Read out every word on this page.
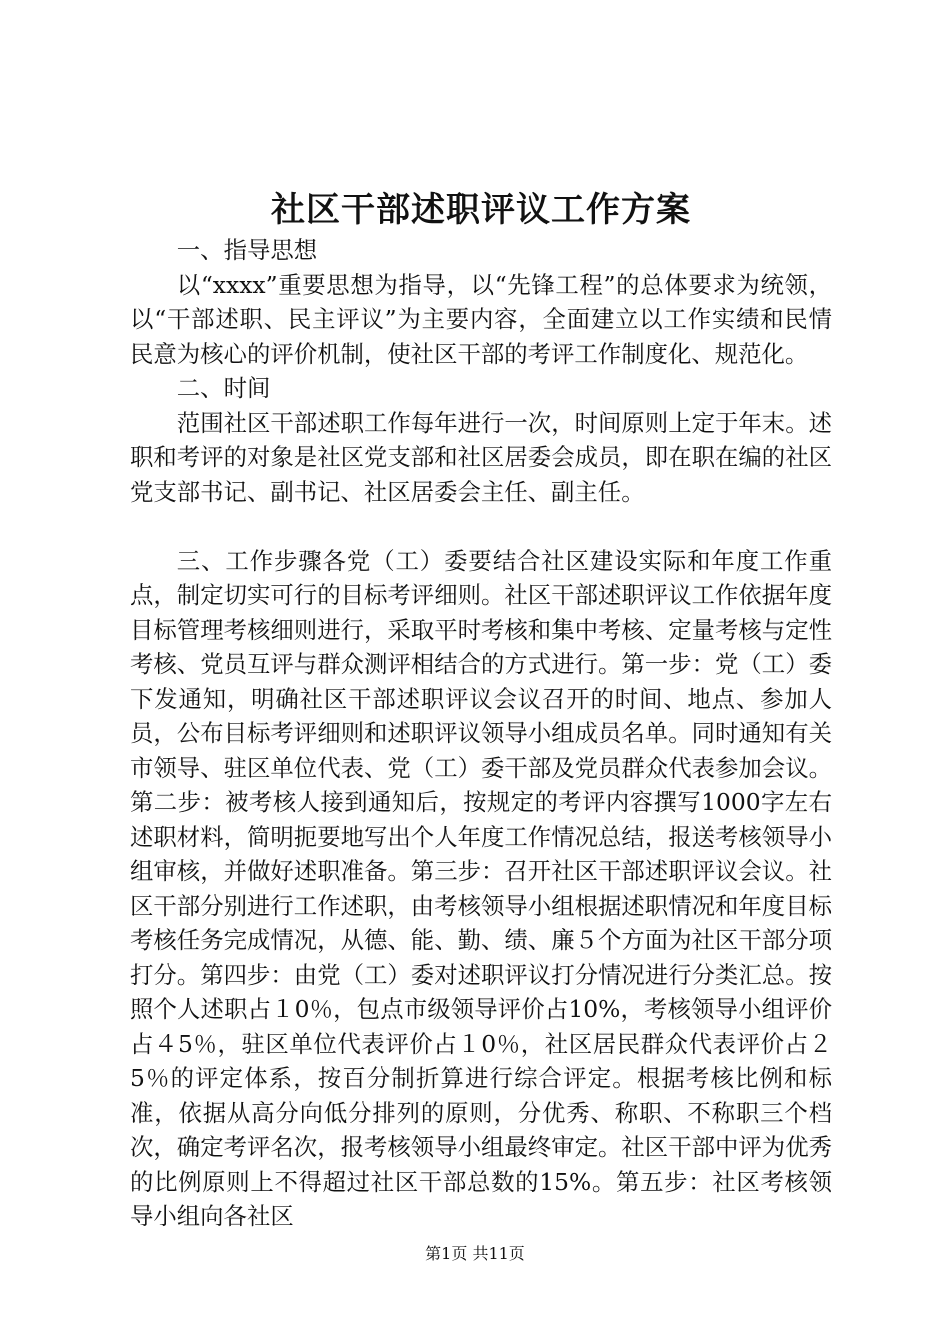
社区干部述职评议工作方案

一、指导思想

以“xxxx”重要思想为指导，以“先锋工程”的总体要求为统领，以“干部述职、民主评议”为主要内容，全面建立以工作实绩和民情民意为核心的评价机制，使社区干部的考评工作制度化、规范化。

二、时间

范围社区干部述职工作每年进行一次，时间原则上定于年末。述职和考评的对象是社区党支部和社区居委会成员，即在职在编的社区党支部书记、副书记、社区居委会主任、副主任。

三、工作步骤各党（工）委要结合社区建设实际和年度工作重点，制定切实可行的目标考评细则。社区干部述职评议工作依据年度目标管理考核细则进行，采取平时考核和集中考核、定量考核与定性考核、党员互评与群众测评相结合的方式进行。第一步：党（工）委下发通知，明确社区干部述职评议会议召开的时间、地点、参加人员，公布目标考评细则和述职评议领导小组成员名单。同时通知有关市领导、驻区单位代表、党（工）委干部及党员群众代表参加会议。第二步：被考核人接到通知后，按规定的考评内容撰写1000字左右述职材料，简明扼要地写出个人年度工作情况总结，报送考核领导小组审核，并做好述职准备。第三步：召开社区干部述职评议会议。社区干部分别进行工作述职，由考核领导小组根据述职情况和年度目标考核任务完成情况，从德、能、勤、绩、廉５个方面为社区干部分项打分。第四步：由党（工）委对述职评议打分情况进行分类汇总。按照个人述职占１0％，包点市级领导评价占10%，考核领导小组评价占４5％，驻区单位代表评价占１0％，社区居民群众代表评价占２5％的评定体系，按百分制折算进行综合评定。根据考核比例和标准，依据从高分向低分排列的原则，分优秀、称职、不称职三个档次，确定考评名次，报考核领导小组最终审定。社区干部中评为优秀的比例原则上不得超过社区干部总数的15%。第五步：社区考核领导小组向各社区

第1页 共11页
